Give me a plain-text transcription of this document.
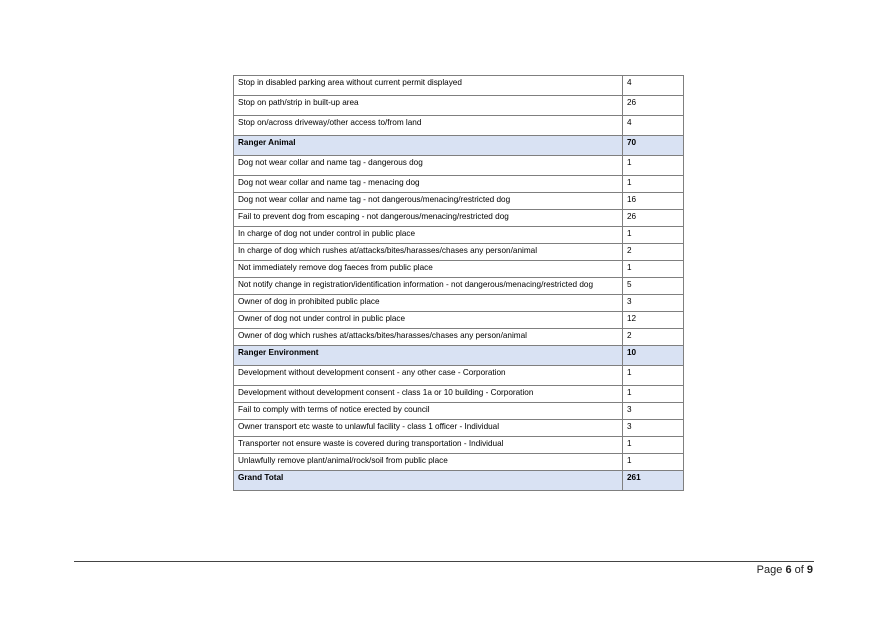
Stop in disabled parking area without current permit displayed	4
Stop on path/strip in built-up area	26
Stop on/across driveway/other access to/from land	4
Ranger Animal	70
Dog not wear collar and name tag - dangerous dog	1
Dog not wear collar and name tag - menacing dog	1
Dog not wear collar and name tag - not dangerous/menacing/restricted dog	16
Fail to prevent dog from escaping - not dangerous/menacing/restricted dog	26
In charge of dog not under control in public place	1
In charge of dog which rushes at/attacks/bites/harasses/chases any person/animal	2
Not immediately remove dog faeces from public place	1
Not notify change in registration/identification information - not dangerous/menacing/restricted dog	5
Owner of dog in prohibited public place	3
Owner of dog not under control in public place	12
Owner of dog which rushes at/attacks/bites/harasses/chases any person/animal	2
Ranger Environment	10
Development without development consent - any other case - Corporation	1
Development without development consent - class 1a or 10 building - Corporation	1
Fail to comply with terms of notice erected by council	3
Owner transport etc waste to unlawful facility - class 1 officer - Individual	3
Transporter not ensure waste is covered during transportation - Individual	1
Unlawfully remove plant/animal/rock/soil from public place	1
Grand Total	261
Page 6 of 9
